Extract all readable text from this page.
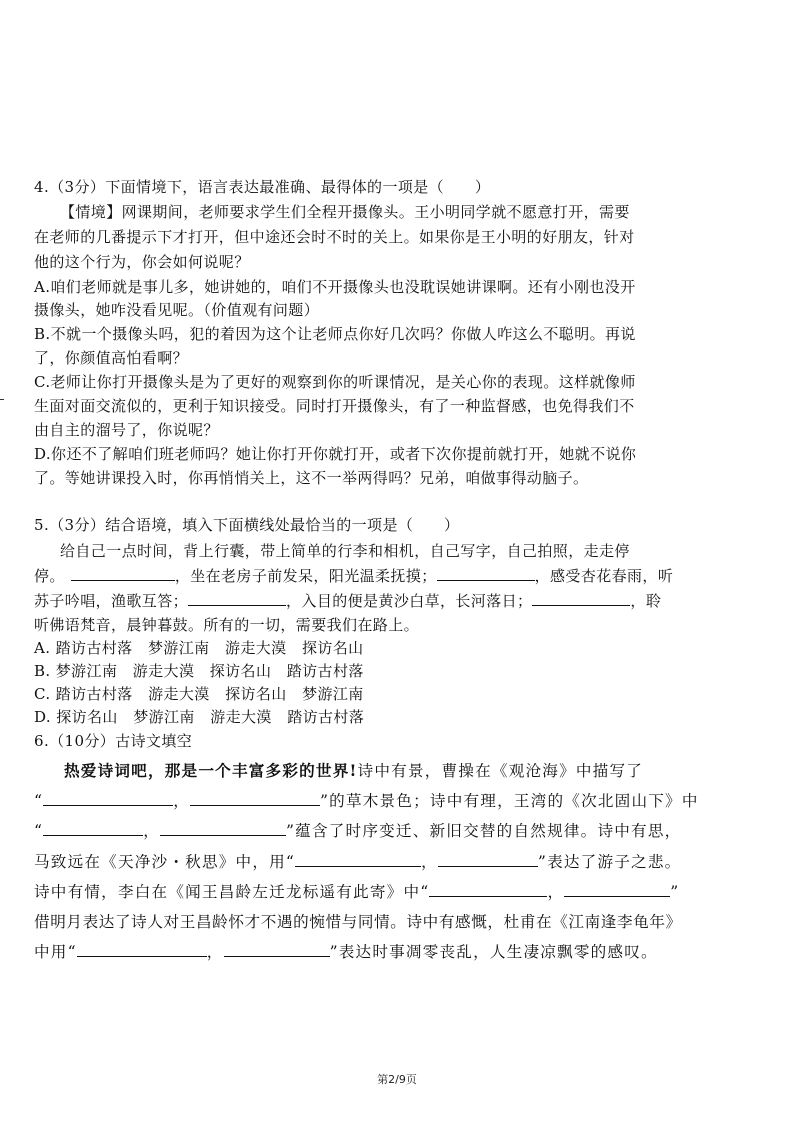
4.（3分）下面情境下，语言表达最准确、最得体的一项是（　　）
【情境】网课期间，老师要求学生们全程开摄像头。王小明同学就不愿意打开，需要
在老师的几番提示下才打开，但中途还会时不时的关上。如果你是王小明的好朋友，针对
他的这个行为，你会如何说呢？
A.咱们老师就是事儿多，她讲她的，咱们不开摄像头也没耽误她讲课啊。还有小刚也没开
摄像头，她咋没看见呢。（价值观有问题）
B.不就一个摄像头吗，犯的着因为这个让老师点你好几次吗？你做人咋这么不聪明。再说
了，你颜值高怕看啊？
C.老师让你打开摄像头是为了更好的观察到你的听课情况，是关心你的表现。这样就像师
生面对面交流似的，更利于知识接受。同时打开摄像头，有了一种监督感，也免得我们不
由自主的溜号了，你说呢？
D.你还不了解咱们班老师吗？她让你打开你就打开，或者下次你提前就打开，她就不说你
了。等她讲课投入时，你再悄悄关上，这不一举两得吗？兄弟，咱做事得动脑子。
5.（3分）结合语境，填入下面横线处最恰当的一项是（　　）
给自己一点时间，背上行囊，带上简单的行李和相机，自己写字，自己拍照，走走停
停。	，坐在老房子前发呆，阳光温柔抚摸；	，感受杏花春雨，听
苏子吟唱，渔歌互答；	，入目的便是黄沙白草，长河落日；	，聆
听佛语梵音，晨钟暮鼓。所有的一切，需要我们在路上。
A. 踏访古村落　梦游江南　游走大漠　探访名山
B. 梦游江南　游走大漠　探访名山　踏访古村落
C. 踏访古村落　游走大漠　探访名山　梦游江南
D. 探访名山　梦游江南　游走大漠　踏访古村落
6.（10分）古诗文填空
热爱诗词吧，那是一个丰富多彩的世界!诗中有景，曹操在《观沧海》中描写了
“	，	”的草木景色；诗中有理，王湾的《次北固山下》中
“	，	”蕴含了时序变迁、新旧交替的自然规律。诗中有思，
马致远在《天净沙・秋思》中，用“	，	”表达了游子之悲。
诗中有情，李白在《闻王昌龄左迁龙标遥有此寄》中“	，	”
借明月表达了诗人对王昌龄怀才不遇的惋惜与同情。诗中有感慨，杜甫在《江南逢李龟年》
中用“	，	”表达时事凋零丧乱，人生凄凉飘零的感叹。
第2/9页
